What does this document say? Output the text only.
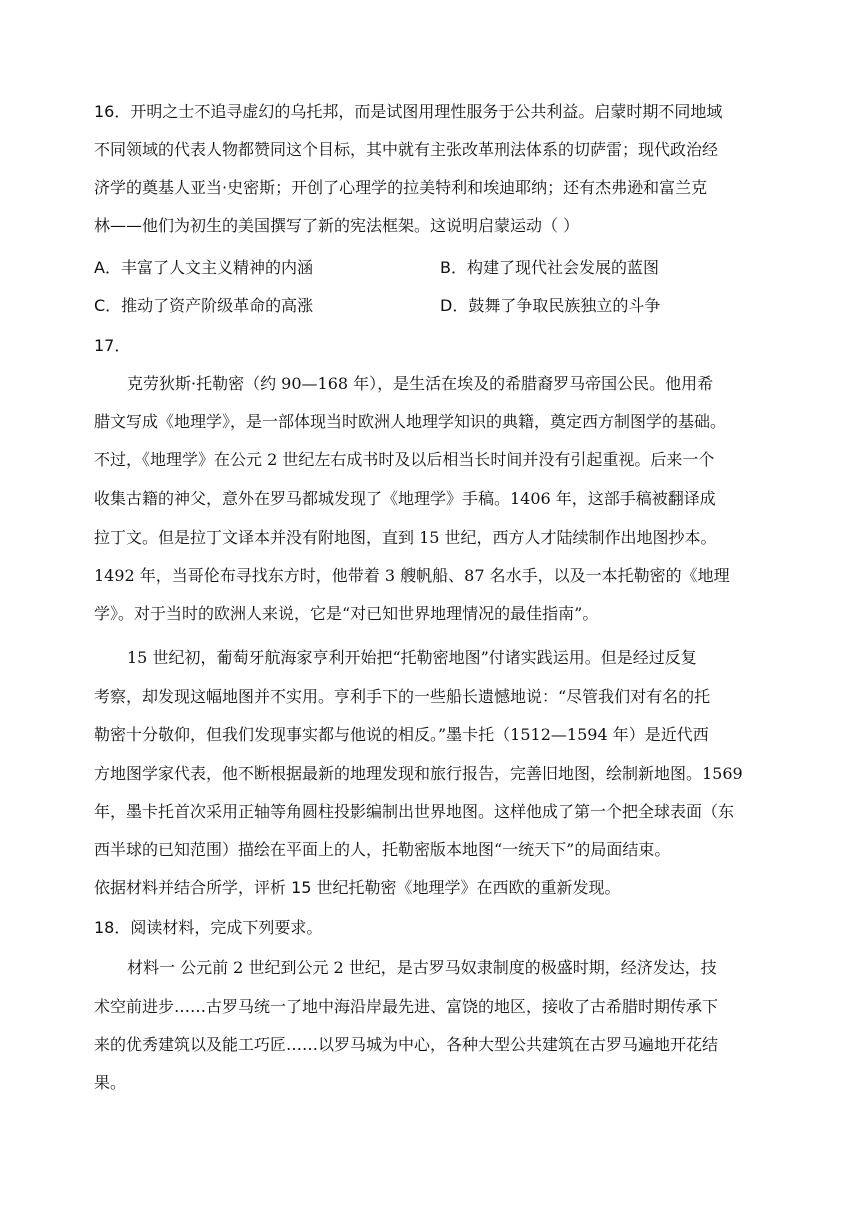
16．开明之士不追寻虚幻的乌托邦，而是试图用理性服务于公共利益。启蒙时期不同地域
不同领域的代表人物都赞同这个目标，其中就有主张改革刑法体系的切萨雷；现代政治经
济学的奠基人亚当·史密斯；开创了心理学的拉美特利和埃迪耶纳；还有杰弗逊和富兰克
林——他们为初生的美国撰写了新的宪法框架。这说明启蒙运动（ ）
A．丰富了人文主义精神的内涵	B．构建了现代社会发展的蓝图
C．推动了资产阶级革命的高涨	D．鼓舞了争取民族独立的斗争
17．
克劳狄斯·托勒密（约 90—168 年），是生活在埃及的希腊裔罗马帝国公民。他用希
腊文写成《地理学》，是一部体现当时欧洲人地理学知识的典籍，奠定西方制图学的基础。
不过，《地理学》在公元 2 世纪左右成书时及以后相当长时间并没有引起重视。后来一个
收集古籍的神父，意外在罗马都城发现了《地理学》手稿。1406 年，这部手稿被翻译成
拉丁文。但是拉丁文译本并没有附地图，直到 15 世纪，西方人才陆续制作出地图抄本。
1492 年，当哥伦布寻找东方时，他带着 3 艘帆船、87 名水手，以及一本托勒密的《地理
学》。对于当时的欧洲人来说，它是“对已知世界地理情况的最佳指南”。
15 世纪初，葡萄牙航海家亨利开始把“托勒密地图”付诸实践运用。但是经过反复
考察，却发现这幅地图并不实用。亨利手下的一些船长遗憾地说：“尽管我们对有名的托
勒密十分敬仰，但我们发现事实都与他说的相反。”墨卡托（1512—1594 年）是近代西
方地图学家代表，他不断根据最新的地理发现和旅行报告，完善旧地图，绘制新地图。1569
年，墨卡托首次采用正轴等角圆柱投影编制出世界地图。这样他成了第一个把全球表面（东
西半球的已知范围）描绘在平面上的人，托勒密版本地图“一统天下”的局面结束。
依据材料并结合所学，评析 15 世纪托勒密《地理学》在西欧的重新发现。
18．阅读材料，完成下列要求。
材料一 公元前 2 世纪到公元 2 世纪，是古罗马奴隶制度的极盛时期，经济发达，技
术空前进步……古罗马统一了地中海沿岸最先进、富饶的地区，接收了古希腊时期传承下
来的优秀建筑以及能工巧匠……以罗马城为中心，各种大型公共建筑在古罗马遍地开花结
果。
